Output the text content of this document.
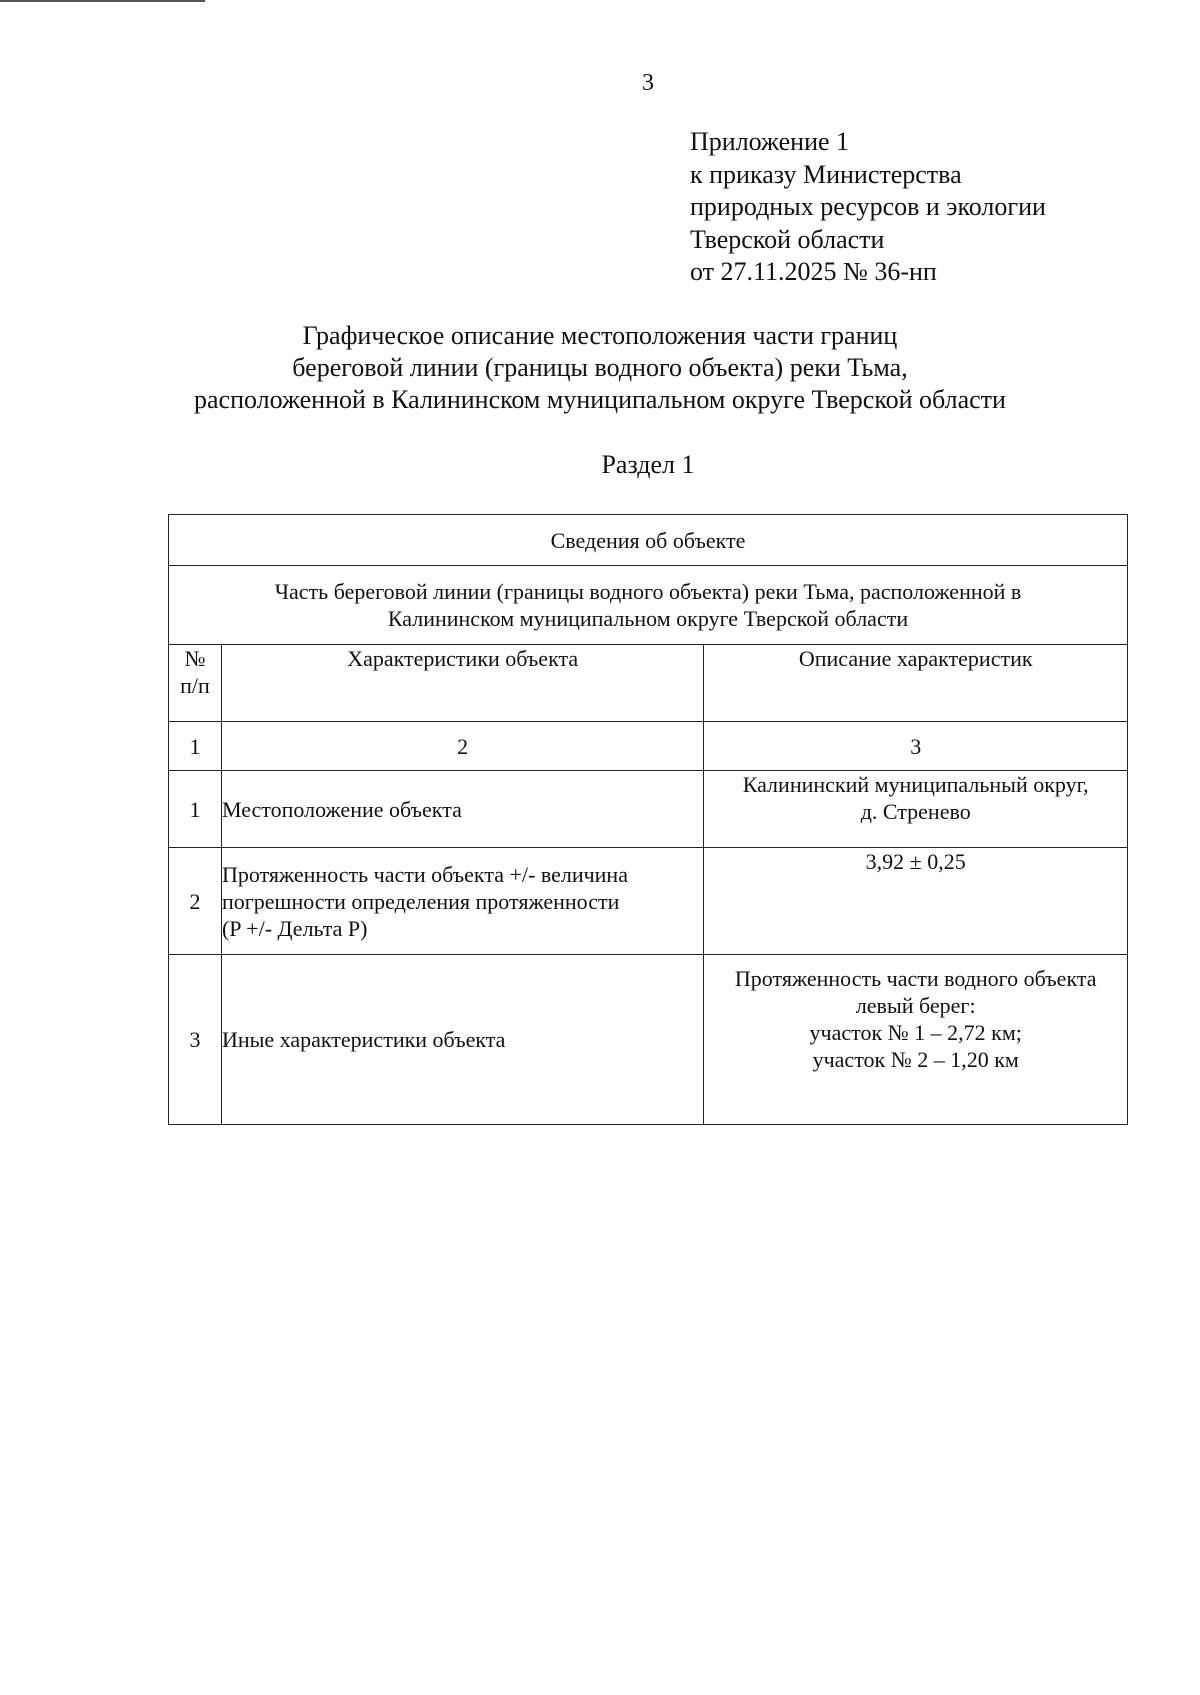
3
Приложение 1
к приказу Министерства
природных ресурсов и экологии
Тверской области
от 27.11.2025 № 36-нп
Графическое описание местоположения части границ
береговой линии (границы водного объекта) реки Тьма,
расположенной в Калининском муниципальном округе Тверской области
Раздел 1
Сведения об объекте		

Часть береговой линии (границы водного объекта) реки Тьма, расположенной в
Калининском муниципальном округе Тверской области		

№
п/п	Характеристики объекта	Описание характеристик
1	2	3
1	Местоположение объекта	Калининский муниципальный округ,
д. Стренево

2	Протяженность части объекта +/- величина
погрешности определения протяженности
(P +/- Дельта P)	3,92 ± 0,25

3	Иные характеристики объекта	Протяженность части водного объекта
левый берег:
участок № 1 – 2,72 км;
участок № 2 – 1,20 км
